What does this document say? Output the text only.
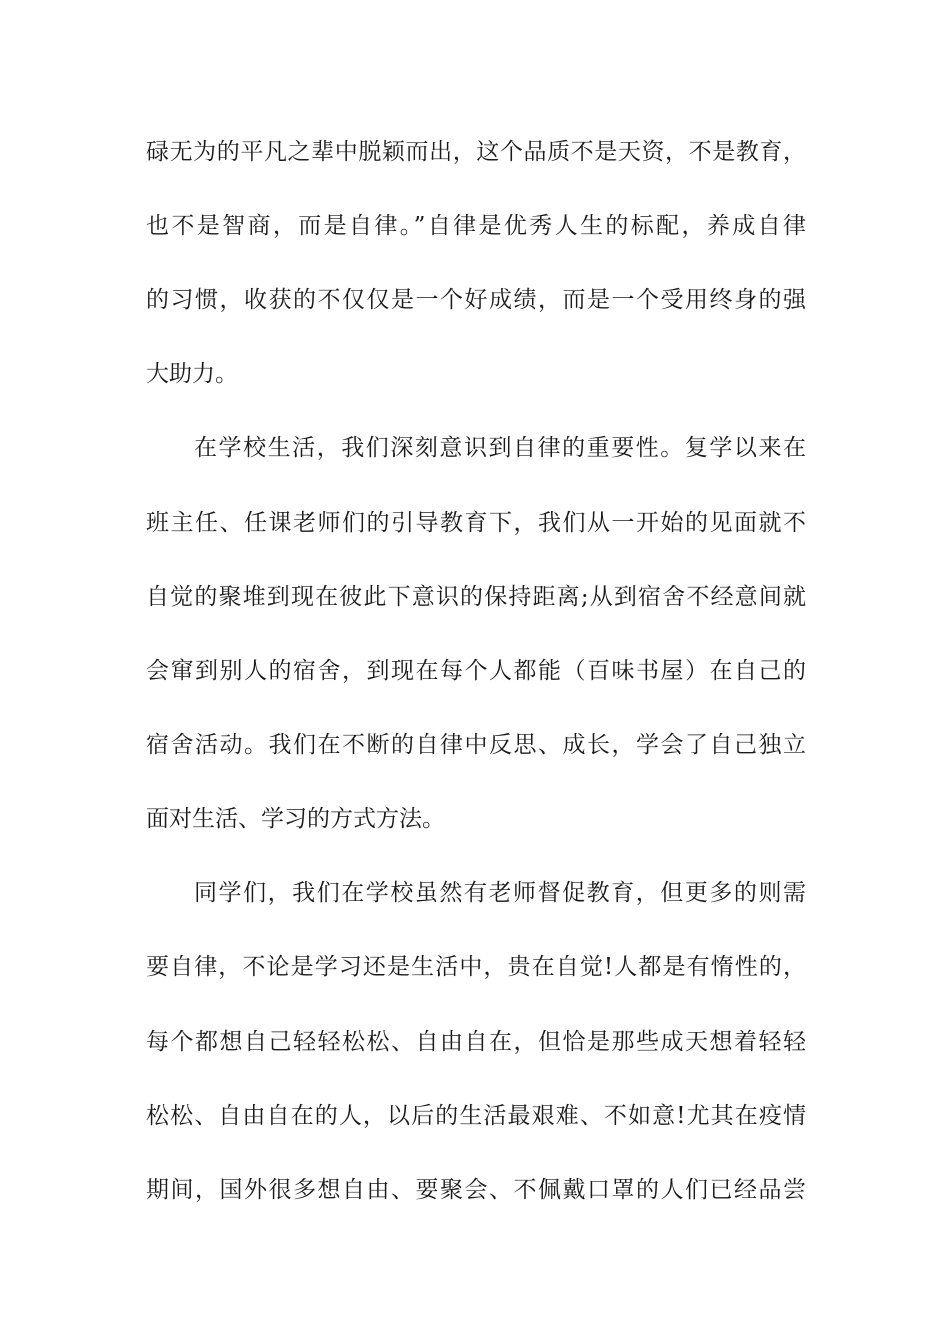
碌无为的平凡之辈中脱颖而出，这个品质不是天资，不是教育，
也不是智商，而是自律。”自律是优秀人生的标配，养成自律
的习惯，收获的不仅仅是一个好成绩，而是一个受用终身的强
大助力。
在学校生活，我们深刻意识到自律的重要性。复学以来在
班主任、任课老师们的引导教育下，我们从一开始的见面就不
自觉的聚堆到现在彼此下意识的保持距离;从到宿舍不经意间就
会窜到别人的宿舍，到现在每个人都能（百味书屋）在自己的
宿舍活动。我们在不断的自律中反思、成长，学会了自己独立
面对生活、学习的方式方法。
同学们，我们在学校虽然有老师督促教育，但更多的则需
要自律，不论是学习还是生活中，贵在自觉!人都是有惰性的，
每个都想自己轻轻松松、自由自在，但恰是那些成天想着轻轻
松松、自由自在的人，以后的生活最艰难、不如意!尤其在疫情
期间，国外很多想自由、要聚会、不佩戴口罩的人们已经品尝
